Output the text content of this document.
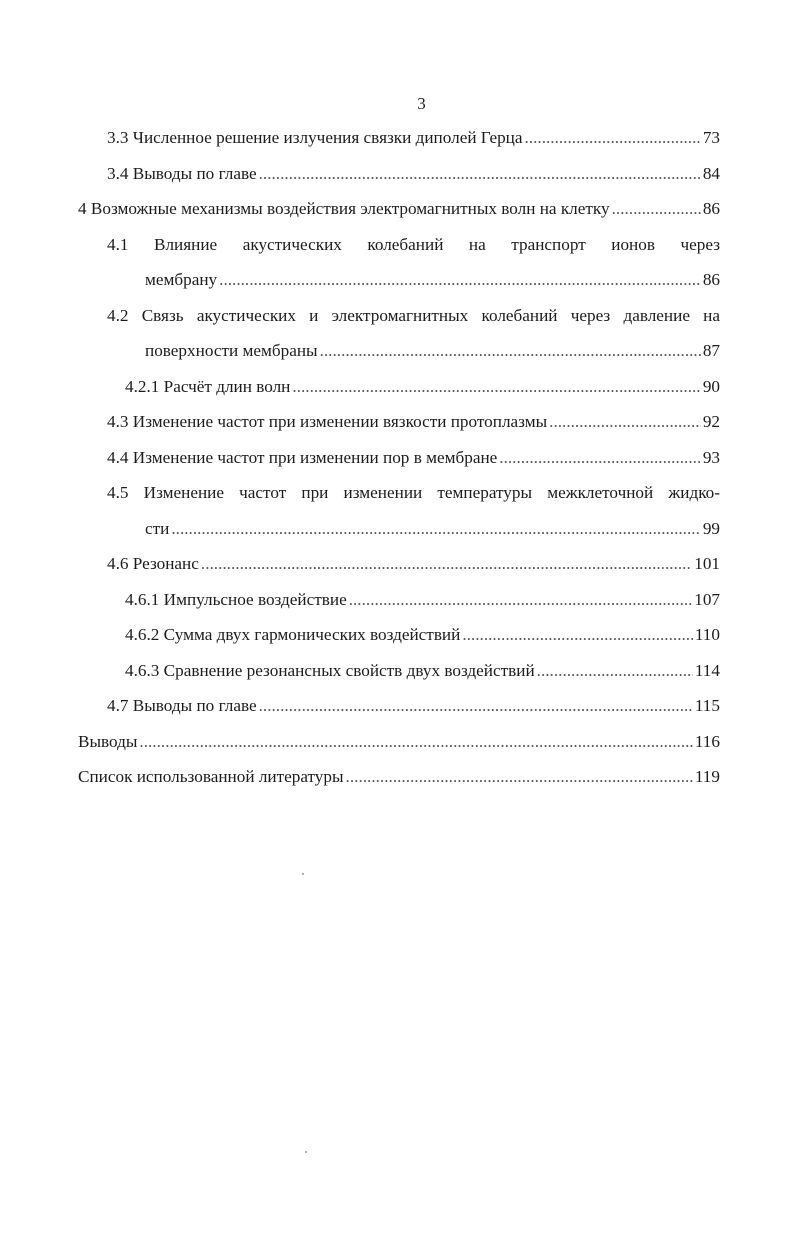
3
3.3 Численное решение излучения связки диполей Герца .....	73
3.4 Выводы по главе .....	84
4 Возможные механизмы воздействия электромагнитных волн на клетку .....	86
4.1 Влияние акустических колебаний на транспорт ионов через
мембрану .....	86
4.2 Связь акустических и электромагнитных колебаний через давление на
поверхности мембраны .....	87
4.2.1 Расчёт длин волн .....	90
4.3 Изменение частот при изменении вязкости протоплазмы .....	92
4.4 Изменение частот при изменении пор в мембране .....	93
4.5 Изменение частот при изменении температуры межклеточной жидко-
сти .....	99
4.6 Резонанс .....	101
4.6.1 Импульсное воздействие .....	107
4.6.2 Сумма двух гармонических воздействий .....	110
4.6.3 Сравнение резонансных свойств двух воздействий .....	114
4.7 Выводы по главе .....	115
Выводы .....	116
Список использованной литературы .....	119
